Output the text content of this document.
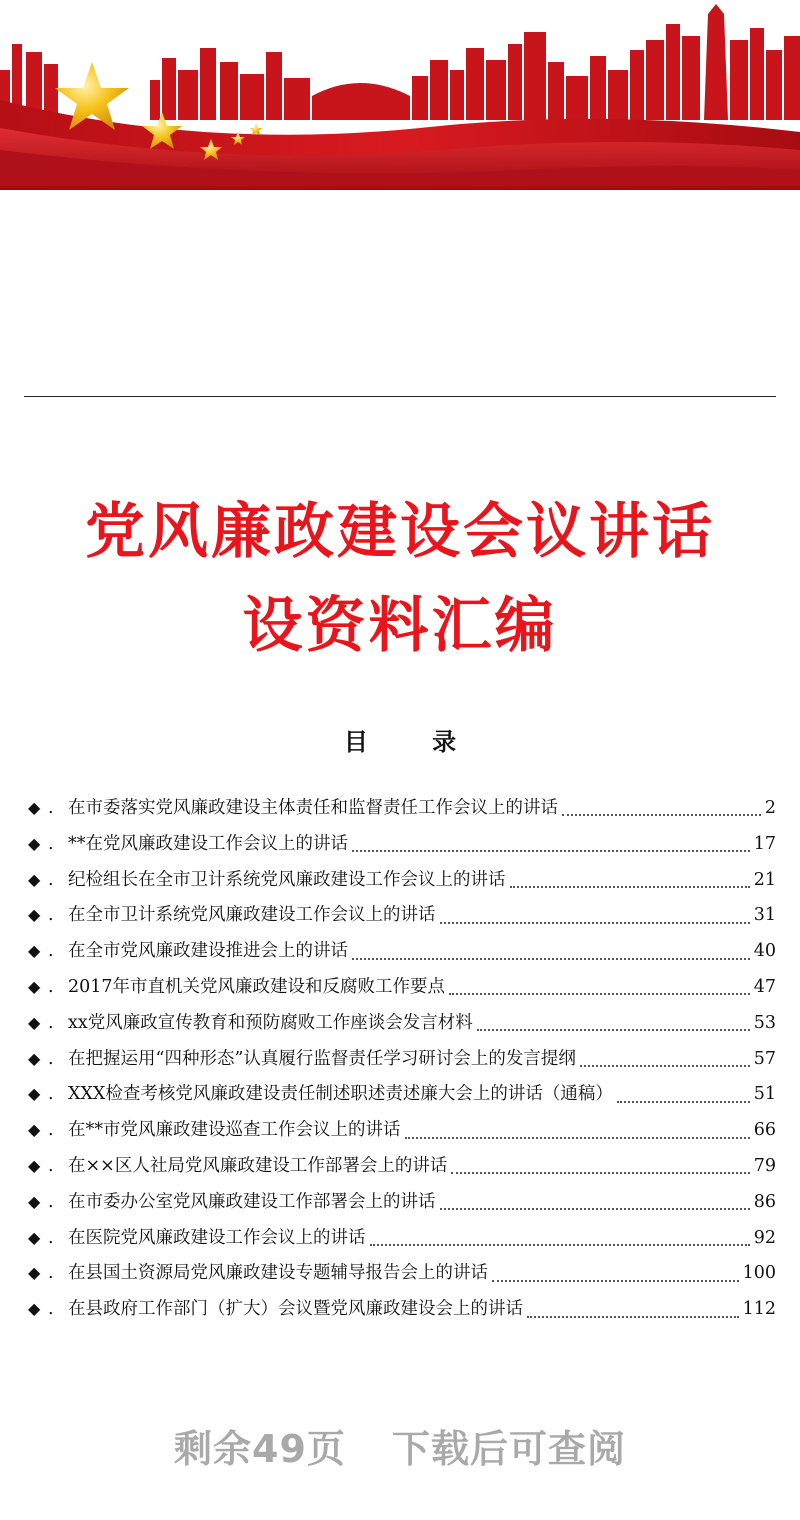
党风廉政建设会议讲话
设资料汇编
目 录
◆ . 在市委落实党风廉政建设主体责任和监督责任工作会议上的讲话	2
◆ . **在党风廉政建设工作会议上的讲话	17
◆ . 纪检组长在全市卫计系统党风廉政建设工作会议上的讲话	21
◆ . 在全市卫计系统党风廉政建设工作会议上的讲话	31
◆ . 在全市党风廉政建设推进会上的讲话	40
◆ . 2017年市直机关党风廉政建设和反腐败工作要点	47
◆ . xx党风廉政宣传教育和预防腐败工作座谈会发言材料	53
◆ . 在把握运用“四种形态”认真履行监督责任学习研讨会上的发言提纲	57
◆ . XXX检查考核党风廉政建设责任制述职述责述廉大会上的讲话（通稿）	51
◆ . 在**市党风廉政建设巡查工作会议上的讲话	66
◆ . 在××区人社局党风廉政建设工作部署会上的讲话	79
◆ . 在市委办公室党风廉政建设工作部署会上的讲话	86
◆ . 在医院党风廉政建设工作会议上的讲话	92
◆ . 在县国土资源局党风廉政建设专题辅导报告会上的讲话	100
◆ . 在县政府工作部门（扩大）会议暨党风廉政建设会上的讲话	112
剩余49页 下载后可查阅
